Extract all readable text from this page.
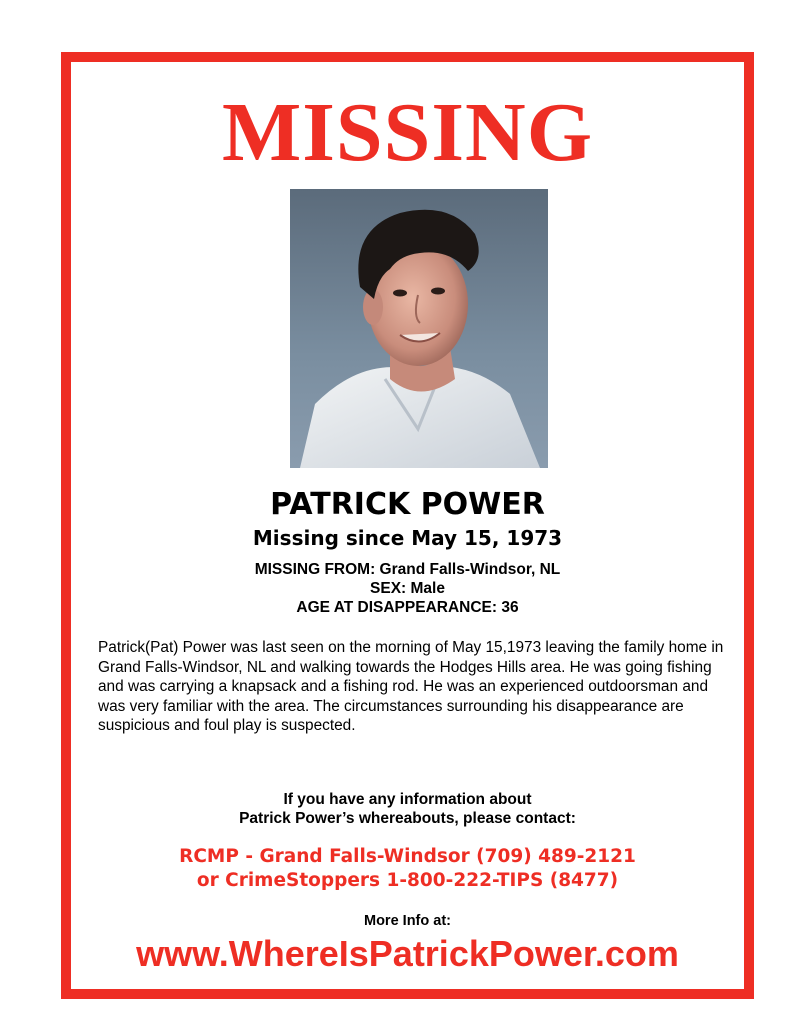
MISSING
PATRICK POWER
Missing since May 15, 1973
MISSING FROM: Grand Falls-Windsor, NL
SEX: Male
AGE AT DISAPPEARANCE: 36
Patrick(Pat) Power was last seen on the morning of May 15,1973 leaving the family home in Grand Falls-Windsor, NL and walking towards the Hodges Hills area. He was going fishing and was carrying a knapsack and a fishing rod. He was an experienced outdoorsman and was very familiar with the area. The circumstances surrounding his disappearance are suspicious and foul play is suspected.
If you have any information about
Patrick Power’s whereabouts, please contact:
RCMP - Grand Falls-Windsor (709) 489-2121
or CrimeStoppers 1-800-222-TIPS (8477)
More Info at:
www.WhereIsPatrickPower.com
